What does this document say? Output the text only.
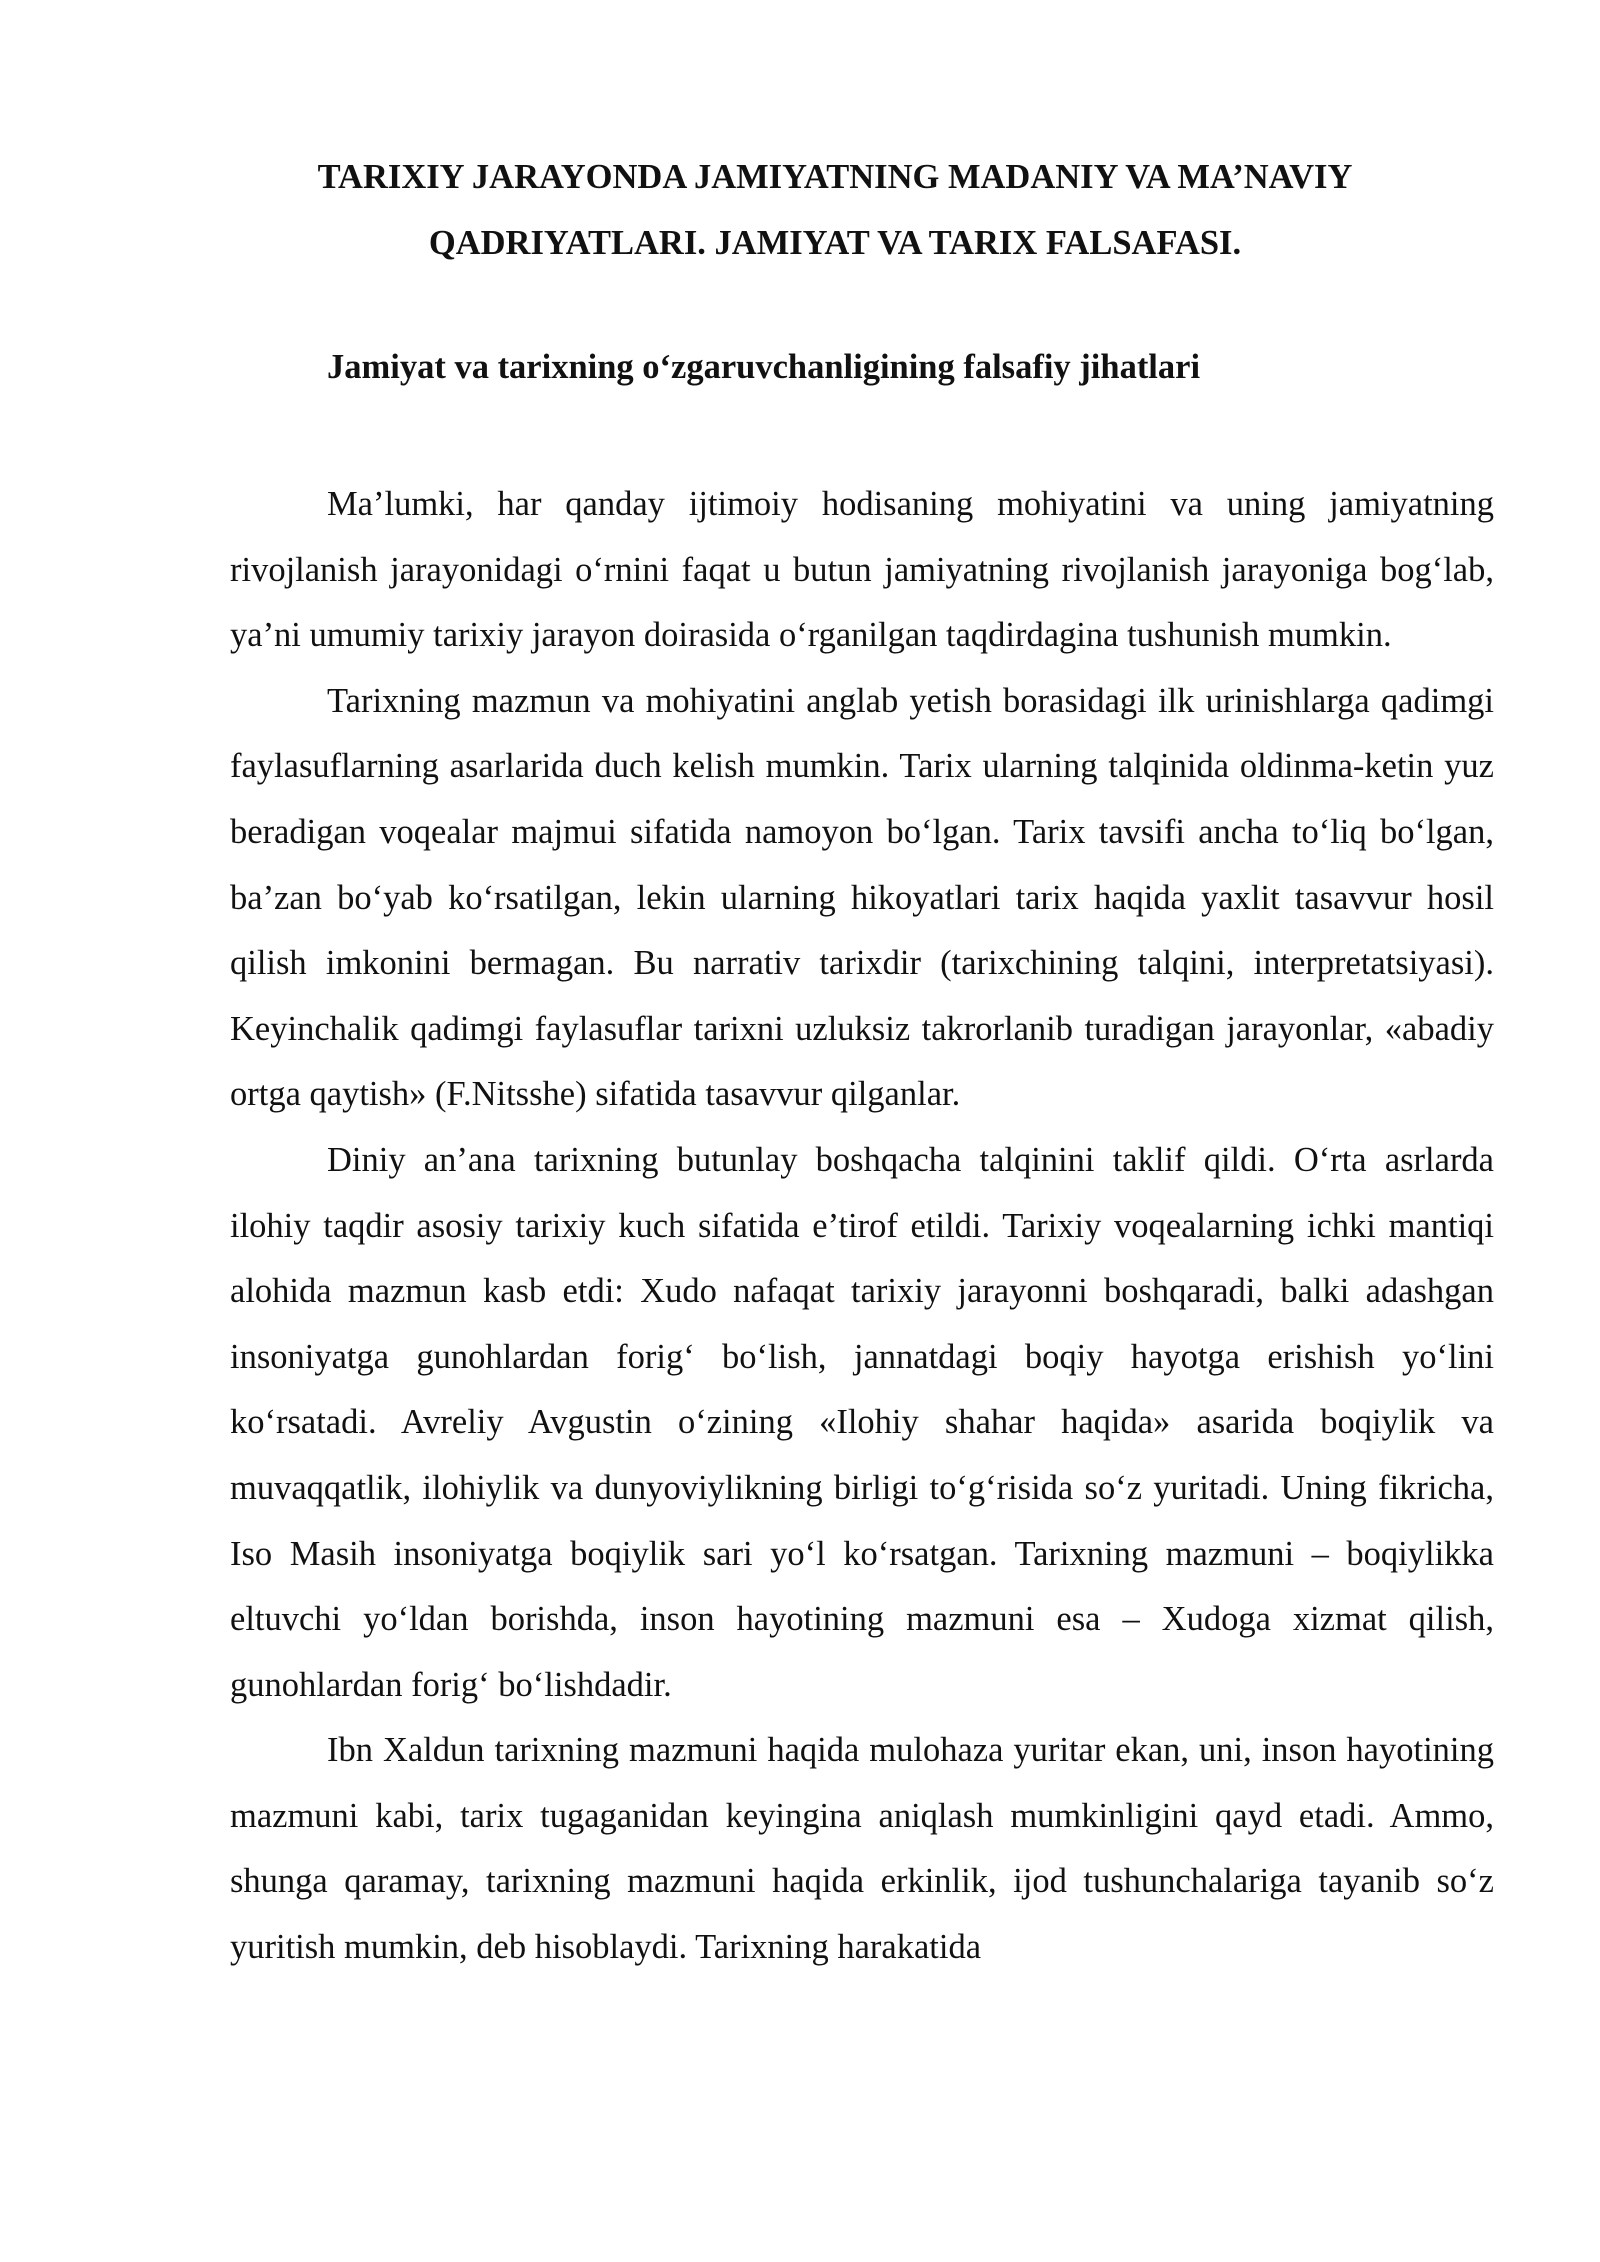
TARIXIY JARAYONDA JAMIYATNING MADANIY VA MA’NAVIY QADRIYATLARI. JAMIYAT VA TARIX FALSAFASI.
Jamiyat va tarixning o‘zgaruvchanligining falsafiy jihatlari

Ma’lumki, har qanday ijtimoiy hodisaning mohiyatini va uning jamiyatning rivojlanish jarayonidagi o‘rnini faqat u butun jamiyatning rivojlanish jarayoniga bog‘lab, ya’ni umumiy tarixiy jarayon doirasida o‘rganilgan taqdirdagina tushunish mumkin.

Tarixning mazmun va mohiyatini anglab yetish borasidagi ilk urinishlarga qadimgi faylasuflarning asarlarida duch kelish mumkin. Tarix ularning talqinida oldinma-ketin yuz beradigan voqealar majmui sifatida namoyon bo‘lgan. Tarix tavsifi ancha to‘liq bo‘lgan, ba’zan bo‘yab ko‘rsatilgan, lekin ularning hikoyatlari tarix haqida yaxlit tasavvur hosil qilish imkonini bermagan. Bu narrativ tarixdir (tarixchining talqini, interpretatsiyasi). Keyinchalik qadimgi faylasuflar tarixni uzluksiz takrorlanib turadigan jarayonlar, «abadiy ortga qaytish» (F.Nitsshe) sifatida tasavvur qilganlar.

Diniy an’ana tarixning butunlay boshqacha talqinini taklif qildi. O‘rta asrlarda ilohiy taqdir asosiy tarixiy kuch sifatida e’tirof etildi. Tarixiy voqealarning ichki mantiqi alohida mazmun kasb etdi: Xudo nafaqat tarixiy jarayonni boshqaradi, balki adashgan insoniyatga gunohlardan forig‘ bo‘lish, jannatdagi boqiy hayotga erishish yo‘lini ko‘rsatadi. Avreliy Avgustin o‘zining «Ilohiy shahar haqida» asarida boqiylik va muvaqqatlik, ilohiylik va dunyoviylikning birligi to‘g‘risida so‘z yuritadi. Uning fikricha, Iso Masih insoniyatga boqiylik sari yo‘l ko‘rsatgan. Tarixning mazmuni – boqiylikka eltuvchi yo‘ldan borishda, inson hayotining mazmuni esa – Xudoga xizmat qilish, gunohlardan forig‘ bo‘lishdadir.

Ibn Xaldun tarixning mazmuni haqida mulohaza yuritar ekan, uni, inson hayotining mazmuni kabi, tarix tugaganidan keyingina aniqlash mumkinligini qayd etadi. Ammo, shunga qaramay, tarixning mazmuni haqida erkinlik, ijod tushunchalariga tayanib so‘z yuritish mumkin, deb hisoblaydi. Tarixning harakatida
